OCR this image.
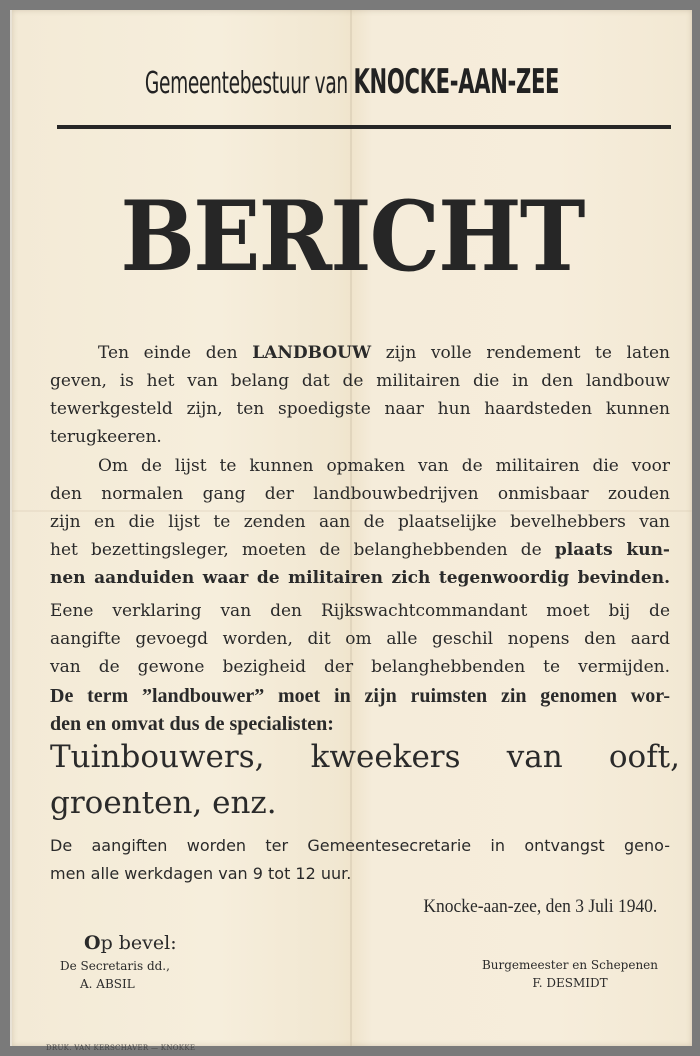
Gemeentebestuur van KNOCKE-AAN-ZEE
BERICHT
Ten einde den LANDBOUW zijn volle rendement te laten
geven, is het van belang dat de militairen die in den landbouw
tewerkgesteld zijn, ten spoedigste naar hun haardsteden kunnen
terugkeeren.
Om de lijst te kunnen opmaken van de militairen die voor
den normalen gang der landbouwbedrijven onmisbaar zouden
zijn en die lijst te zenden aan de plaatselijke bevelhebbers van
het bezettingsleger, moeten de belanghebbenden de plaats kun-
nen aanduiden waar de militairen zich tegenwoordig bevinden.
Eene verklaring van den Rijkswachtcommandant moet bij de
aangifte gevoegd worden, dit om alle geschil nopens den aard
van de gewone bezigheid der belanghebbenden te vermijden.
De term ”landbouwer” moet in zijn ruimsten zin genomen wor-
den en omvat dus de specialisten:
Tuinbouwers, kweekers van ooft,
groenten, enz.
De aangiften worden ter Gemeentesecretarie in ontvangst geno-
men alle werkdagen van 9 tot 12 uur.
Knocke-aan-zee, den 3 Juli 1940.
Op bevel:
De Secretaris dd.,
A. ABSIL
Burgemeester en Schepenen
F. DESMIDT
DRUK. VAN KERSCHAVER — KNOKKE
